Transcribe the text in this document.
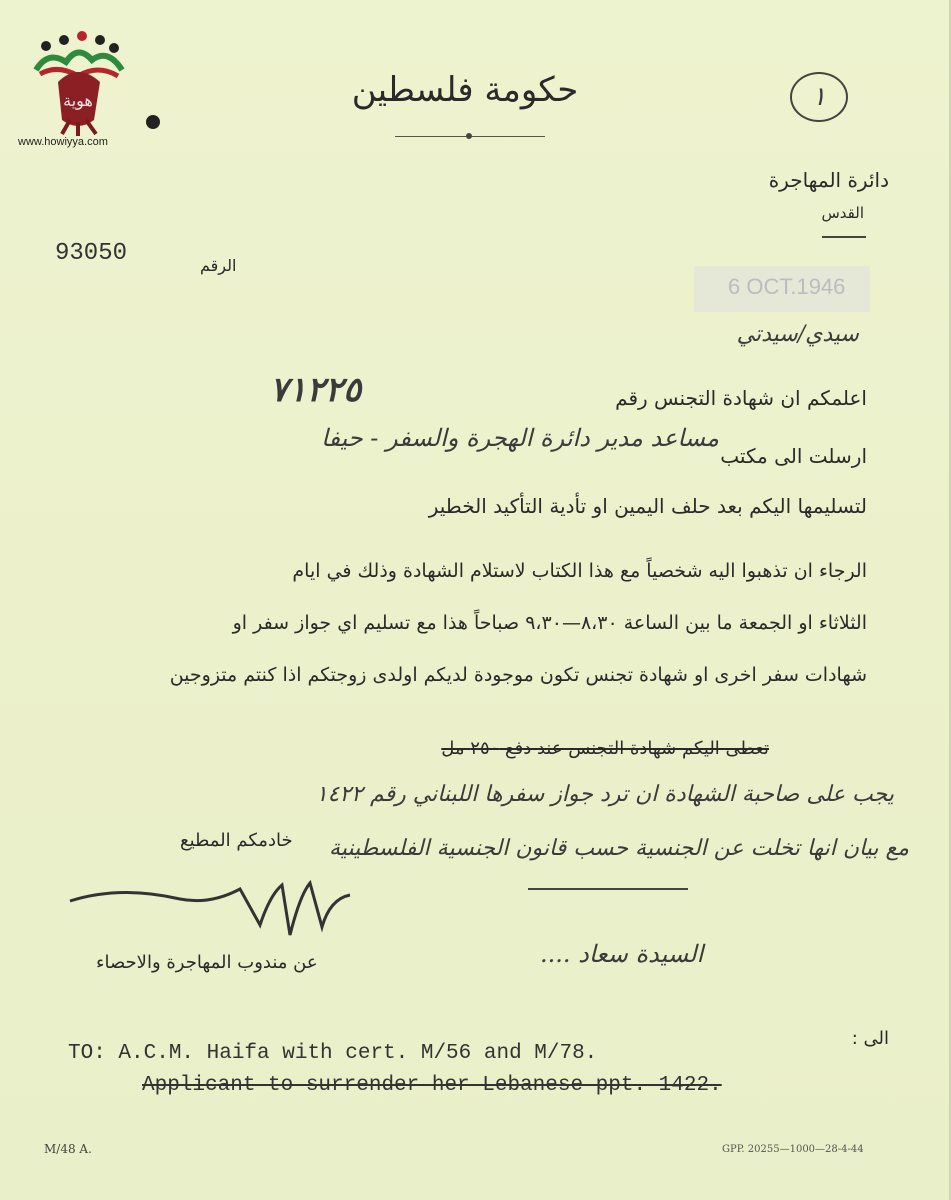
هوية
www.howiyya.com
حكومة فلسطين	١
دائرة المهاجرة
القدس
93050	الرقم
6 OCT.1946
سيدي/سيدتي
اعلمكم ان شهادة التجنس رقم
٧١٢٢٥
ارسلت الى مكتب
مساعد مدير دائرة الهجرة والسفر - حيفا
لتسليمها اليكم بعد حلف اليمين او تأدية التأكيد الخطير
الرجاء ان تذهبوا اليه شخصياً مع هذا الكتاب لاستلام الشهادة وذلك في ايام
الثلاثاء او الجمعة ما بين الساعة ٨،٣٠—٩،٣٠ صباحاً هذا مع تسليم اي جواز سفر او
شهادات سفر اخرى او شهادة تجنس تكون موجودة لديكم اولدى زوجتكم اذا كنتم متزوجين
تعطى اليكم شهادة التجنس عند دفع ٢٥٠ مل
يجب على صاحبة الشهادة ان ترد جواز سفرها اللبناني رقم ١٤٢٢
مع بيان انها تخلت عن الجنسية حسب قانون الجنسية الفلسطينية
خادمكم المطيع
عن مندوب المهاجرة والاحصاء	السيدة سعاد ....
الى :
TO: A.C.M. Haifa with cert. M/56 and M/78.
Applicant to surrender her Lebanese ppt. 1422.
M/48 A.	GPP. 20255—1000—28-4-44
